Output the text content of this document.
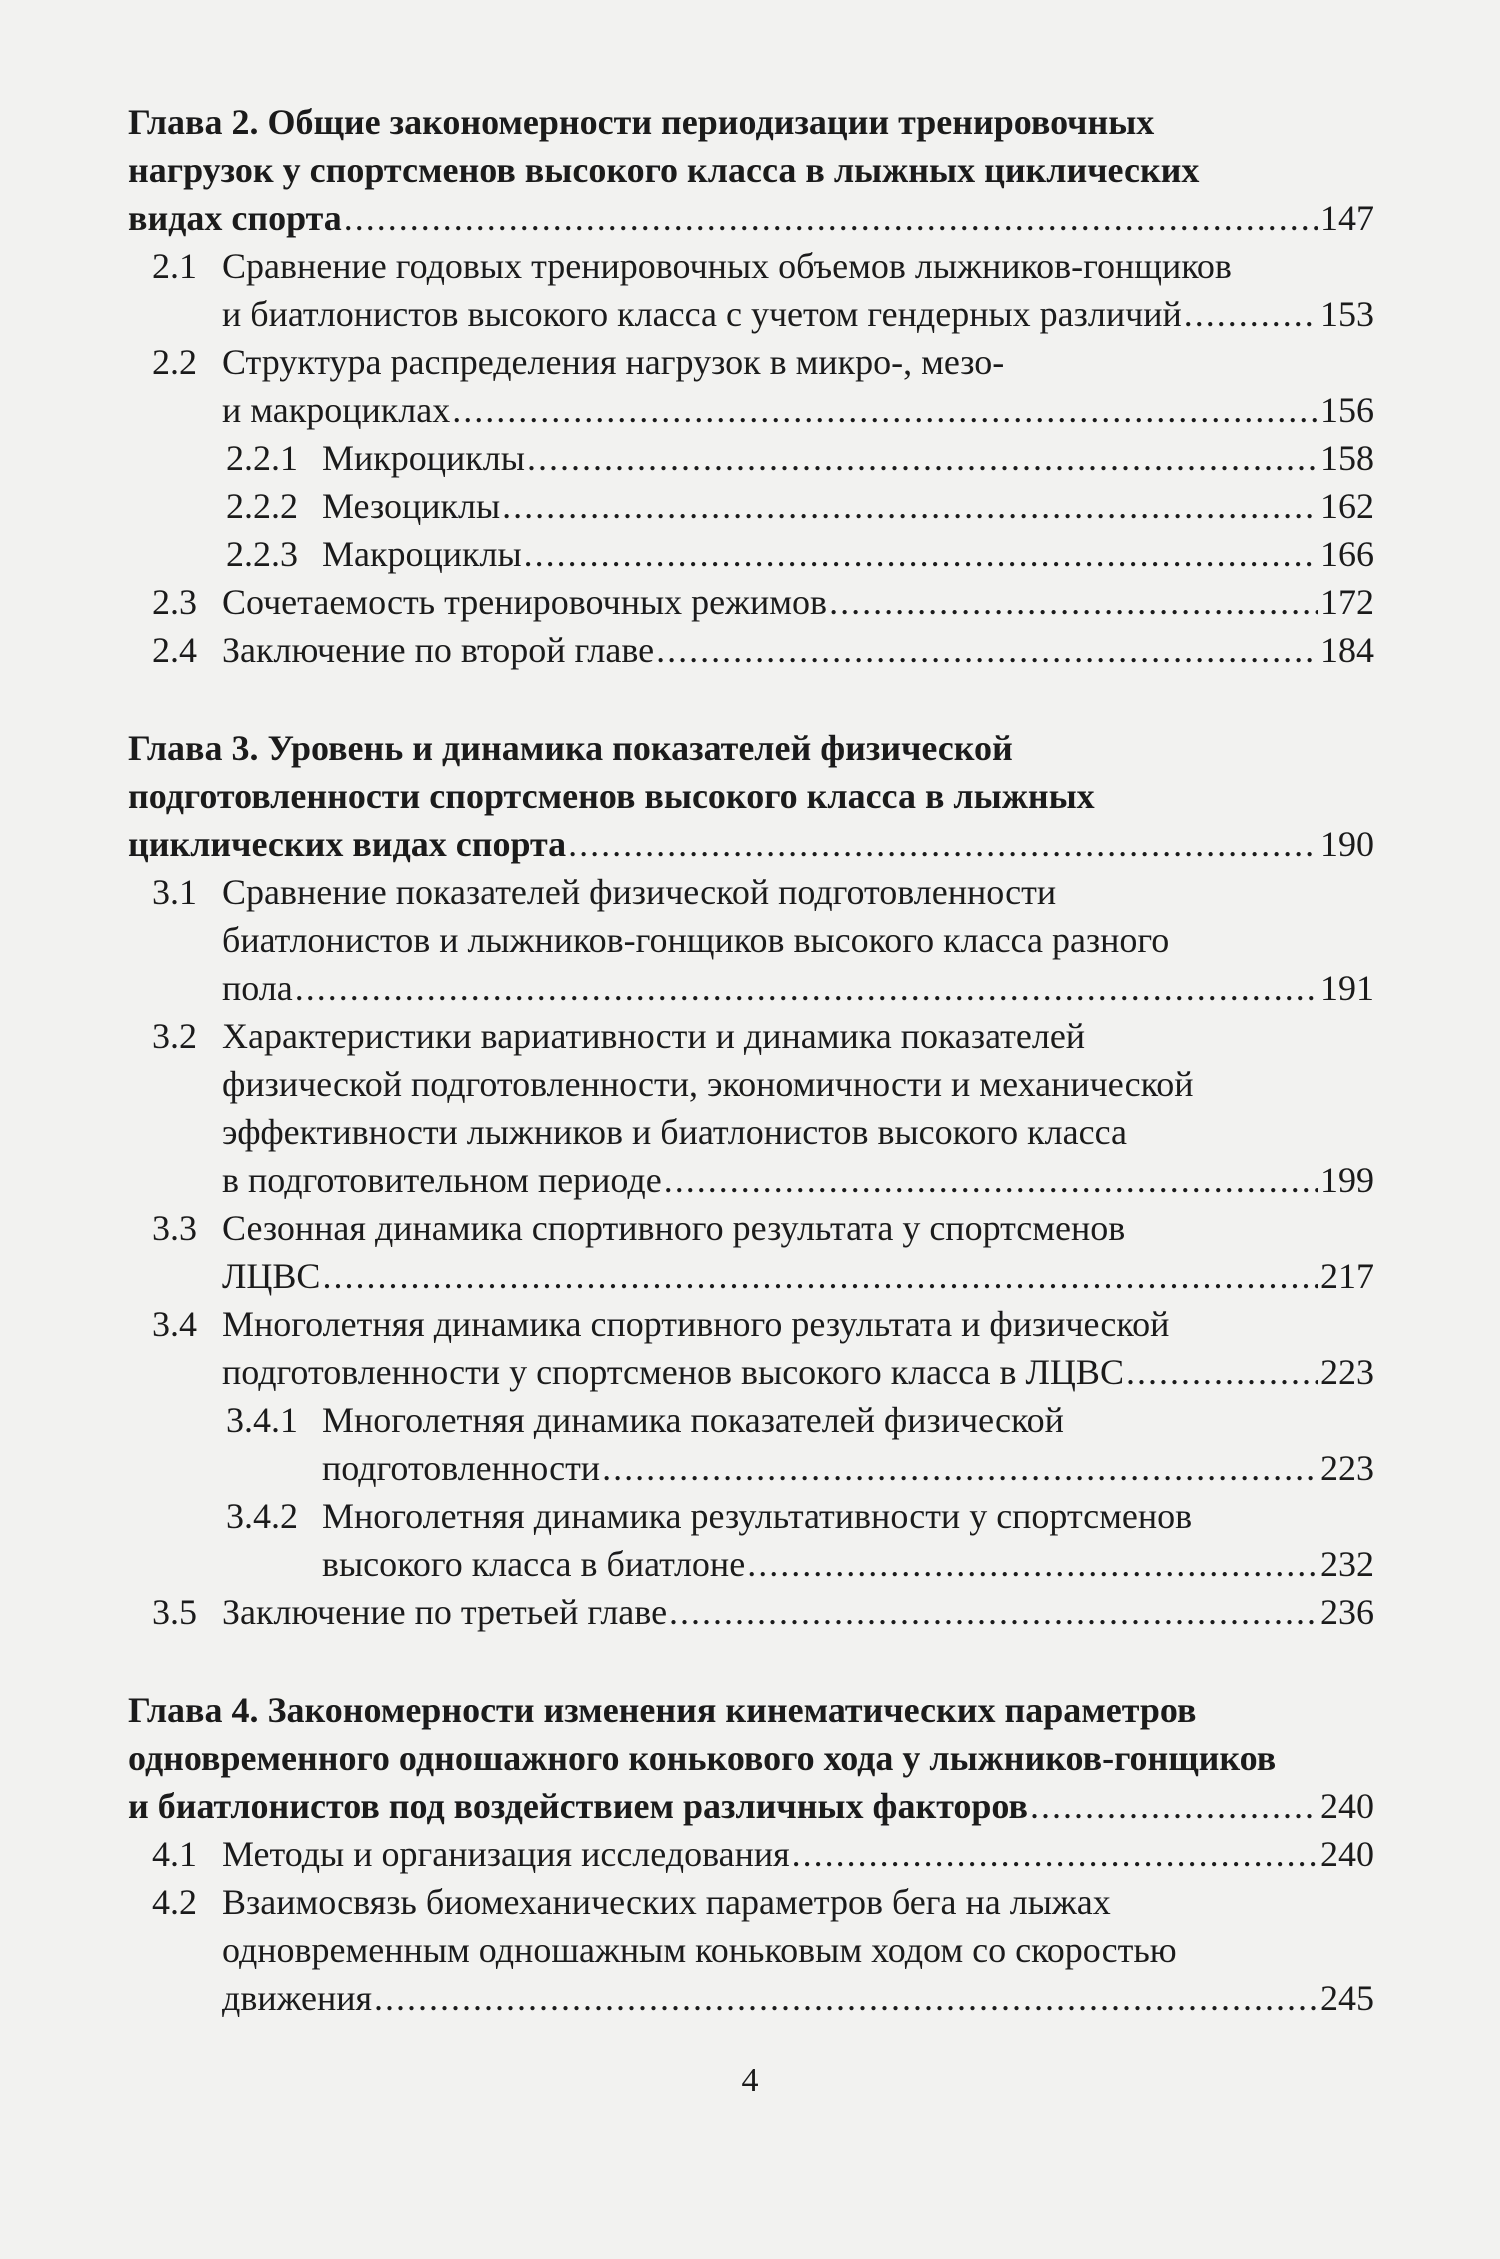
Глава 2. Общие закономерности периодизации тренировочных
нагрузок у спортсменов высокого класса в лыжных циклических
видах спорта .....	147
2.1 Сравнение годовых тренировочных объемов лыжников-гонщиков
и биатлонистов высокого класса с учетом гендерных различий .....	153
2.2 Структура распределения нагрузок в микро-, мезо-
и макроциклах .....	156
2.2.1 Микроциклы .....	158
2.2.2 Мезоциклы .....	162
2.2.3 Макроциклы .....	166
2.3 Сочетаемость тренировочных режимов .....	172
2.4 Заключение по второй главе .....	184
Глава 3. Уровень и динамика показателей физической
подготовленности спортсменов высокого класса в лыжных
циклических видах спорта .....	190
3.1 Сравнение показателей физической подготовленности
биатлонистов и лыжников-гонщиков высокого класса разного
пола .....	191
3.2 Характеристики вариативности и динамика показателей
физической подготовленности, экономичности и механической
эффективности лыжников и биатлонистов высокого класса
в подготовительном периоде .....	199
3.3 Сезонная динамика спортивного результата у спортсменов
ЛЦВС .....	217
3.4 Многолетняя динамика спортивного результата и физической
подготовленности у спортсменов высокого класса в ЛЦВС .....	223
3.4.1 Многолетняя динамика показателей физической
подготовленности .....	223
3.4.2 Многолетняя динамика результативности у спортсменов
высокого класса в биатлоне .....	232
3.5 Заключение по третьей главе .....	236
Глава 4. Закономерности изменения кинематических параметров
одновременного одношажного конькового хода у лыжников-гонщиков
и биатлонистов под воздействием различных факторов .....	240
4.1 Методы и организация исследования .....	240
4.2 Взаимосвязь биомеханических параметров бега на лыжах
одновременным одношажным коньковым ходом со скоростью
движения .....	245
4
